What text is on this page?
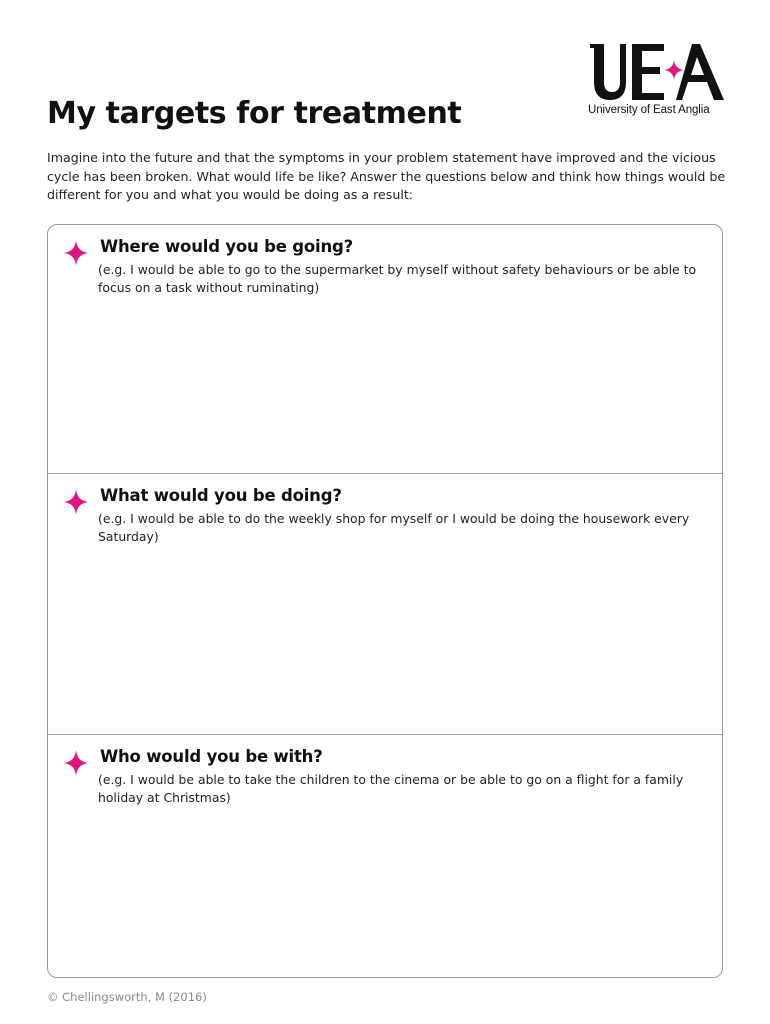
University of East Anglia
My targets for treatment

Imagine into the future and that the symptoms in your problem statement have improved and the vicious cycle has been broken. What would life be like? Answer the questions below and think how things would be different for you and what you would be doing as a result:

Where would you be going?

(e.g. I would be able to go to the supermarket by myself without safety behaviours or be able to focus on a task without ruminating)

What would you be doing?

(e.g. I would be able to do the weekly shop for myself or I would be doing the housework every Saturday)

Who would you be with?

(e.g. I would be able to take the children to the cinema or be able to go on a flight for a family holiday at Christmas)

© Chellingsworth, M (2016)
